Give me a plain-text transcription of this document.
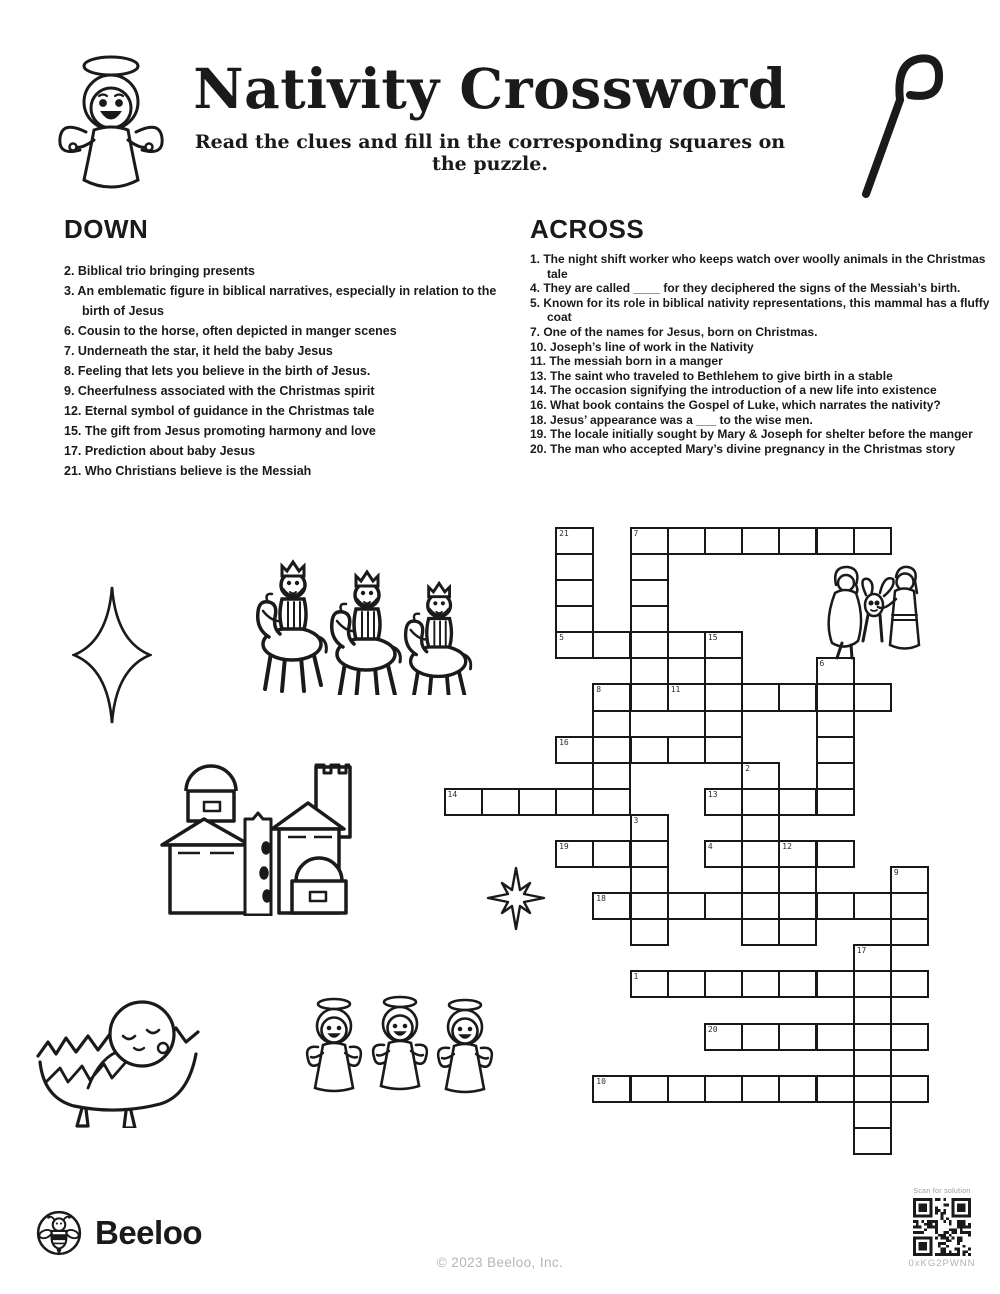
Nativity Crossword
Read the clues and fill in the corresponding squares on the puzzle.
DOWN
2. Biblical trio bringing presents
3. An emblematic figure in biblical narratives, especially in relation to the birth of Jesus
6. Cousin to the horse, often depicted in manger scenes
7. Underneath the star, it held the baby Jesus
8. Feeling that lets you believe in the birth of Jesus.
9. Cheerfulness associated with the Christmas spirit
12. Eternal symbol of guidance in the Christmas tale
15. The gift from Jesus promoting harmony and love
17. Prediction about baby Jesus
21. Who Christians believe is the Messiah
ACROSS
1. The night shift worker who keeps watch over woolly animals in the Christmas tale
4. They are called ____ for they deciphered the signs of the Messiah’s birth.
5. Known for its role in biblical nativity representations, this mammal has a fluffy coat
7. One of the names for Jesus, born on Christmas.
10. Joseph’s line of work in the Nativity
11. The messiah born in a manger
13. The saint who traveled to Bethlehem to give birth in a stable
14. The occasion signifying the introduction of a new life into existence
16. What book contains the Gospel of Luke, which narrates the nativity?
18. Jesus’ appearance was a ___ to the wise men.
19. The locale initially sought by Mary & Joseph for shelter before the manger
20. The man who accepted Mary’s divine pregnancy in the Christmas story
7
21
5	15
6
8	11
16
2
14	13
3
19	4	12
9
18
17
1
20
10
Beeloo
© 2023 Beeloo, Inc.
Scan for solution
0xKG2PWNN
